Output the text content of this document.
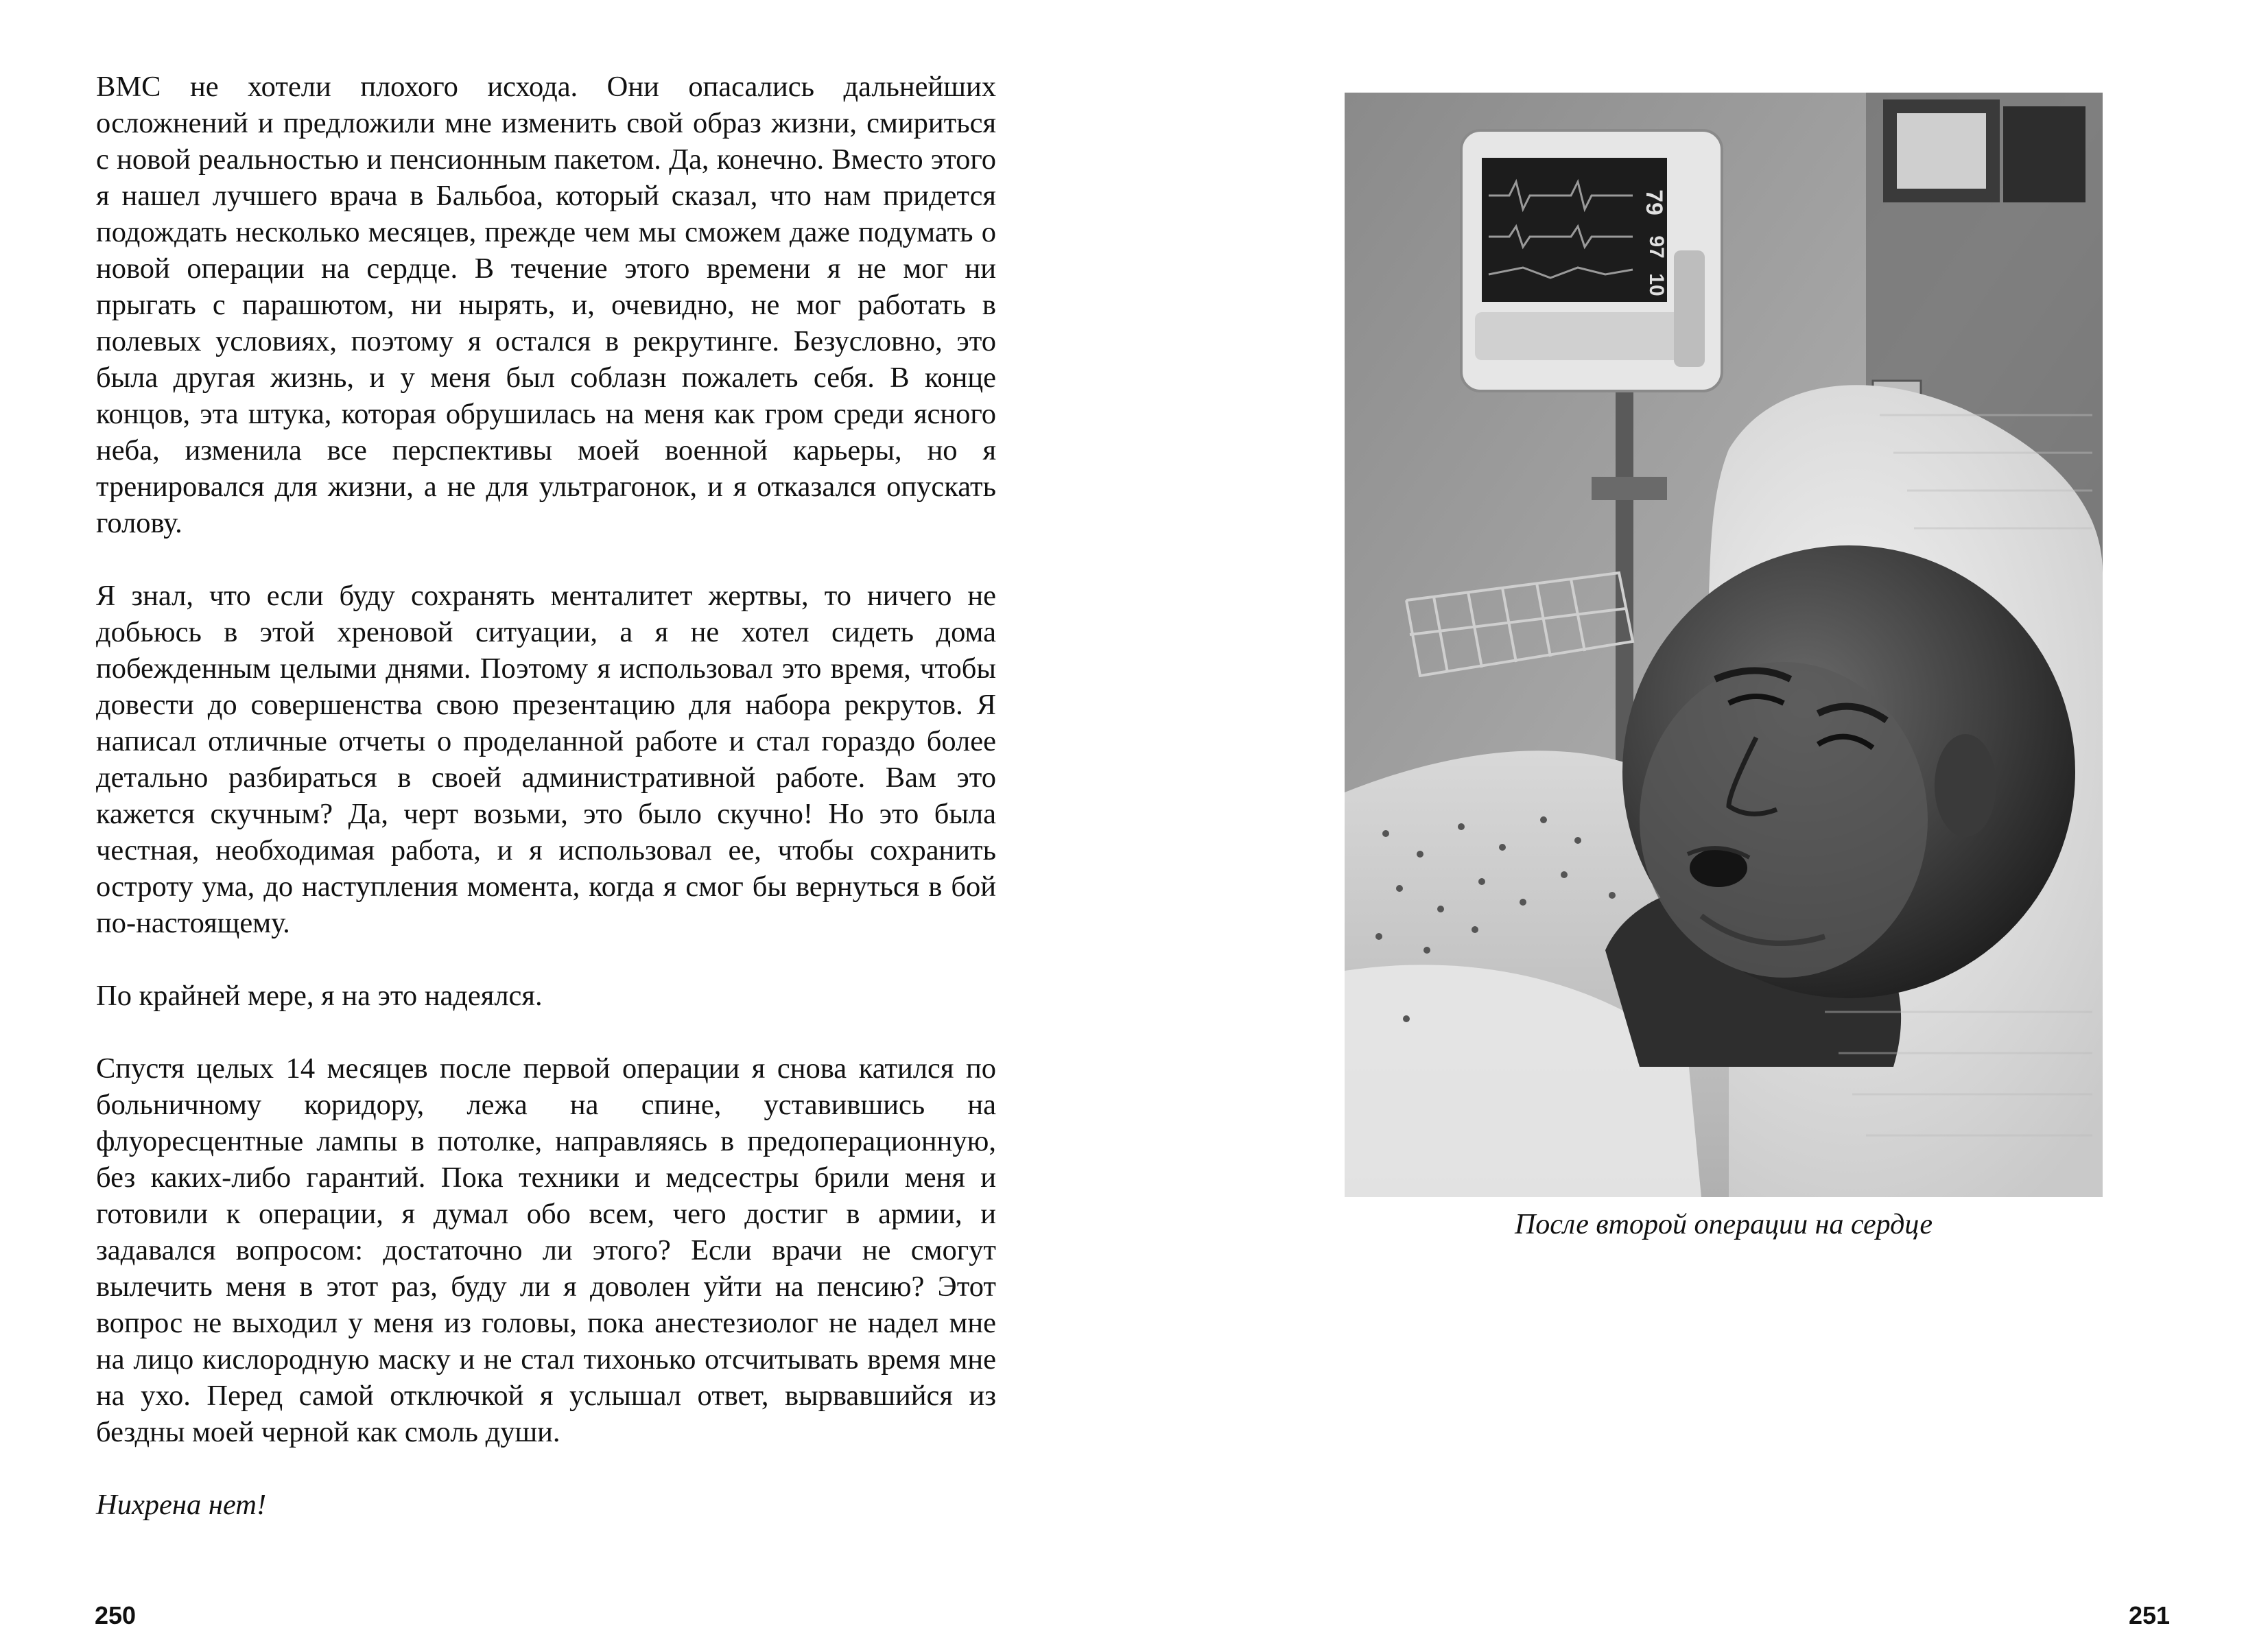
ВМС не хотели плохого исхода. Они опасались дальнейших осложнений и предложили мне изменить свой образ жизни, смириться с новой реальностью и пенсионным пакетом. Да, конечно. Вместо этого я нашел лучшего врача в Бальбоа, который сказал, что нам придется подождать несколько месяцев, прежде чем мы сможем даже подумать о новой операции на сердце. В течение этого времени я не мог ни прыгать с парашютом, ни нырять, и, очевидно, не мог работать в полевых условиях, поэтому я остался в рекрутинге. Безусловно, это была другая жизнь, и у меня был соблазн пожалеть себя. В конце концов, эта штука, которая обрушилась на меня как гром среди ясного неба, изменила все перспективы моей военной карьеры, но я тренировался для жизни, а не для ультрагонок, и я отказался опускать голову.

Я знал, что если буду сохранять менталитет жертвы, то ничего не добьюсь в этой хреновой ситуации, а я не хотел сидеть дома побежденным целыми днями. Поэтому я использовал это время, чтобы довести до совершенства свою презентацию для набора рекрутов. Я написал отличные отчеты о проделанной работе и стал гораздо более детально разбираться в своей административной работе. Вам это кажется скучным? Да, черт возьми, это было скучно! Но это была честная, необходимая работа, и я использовал ее, чтобы сохранить остроту ума, до наступления момента, когда я смог бы вернуться в бой по-настоящему.

По крайней мере, я на это надеялся.

Спустя целых 14 месяцев после первой операции я снова катился по больничному коридору, лежа на спине, уставившись на флуоресцентные лампы в потолке, направляясь в предоперационную, без каких-либо гарантий. Пока техники и медсестры брили меня и готовили к операции, я думал обо всем, чего достиг в армии, и задавался вопросом: достаточно ли этого? Если врачи не смогут вылечить меня в этот раз, буду ли я доволен уйти на пенсию? Этот вопрос не выходил у меня из головы, пока анестезиолог не надел мне на лицо кислородную маску и не стал тихонько отсчитывать время мне на ухо. Перед самой отключкой я услышал ответ, вырвавшийся из бездны моей черной как смоль души.

Нихрена нет!

250
79
97
10
После второй операции на сердце
251
